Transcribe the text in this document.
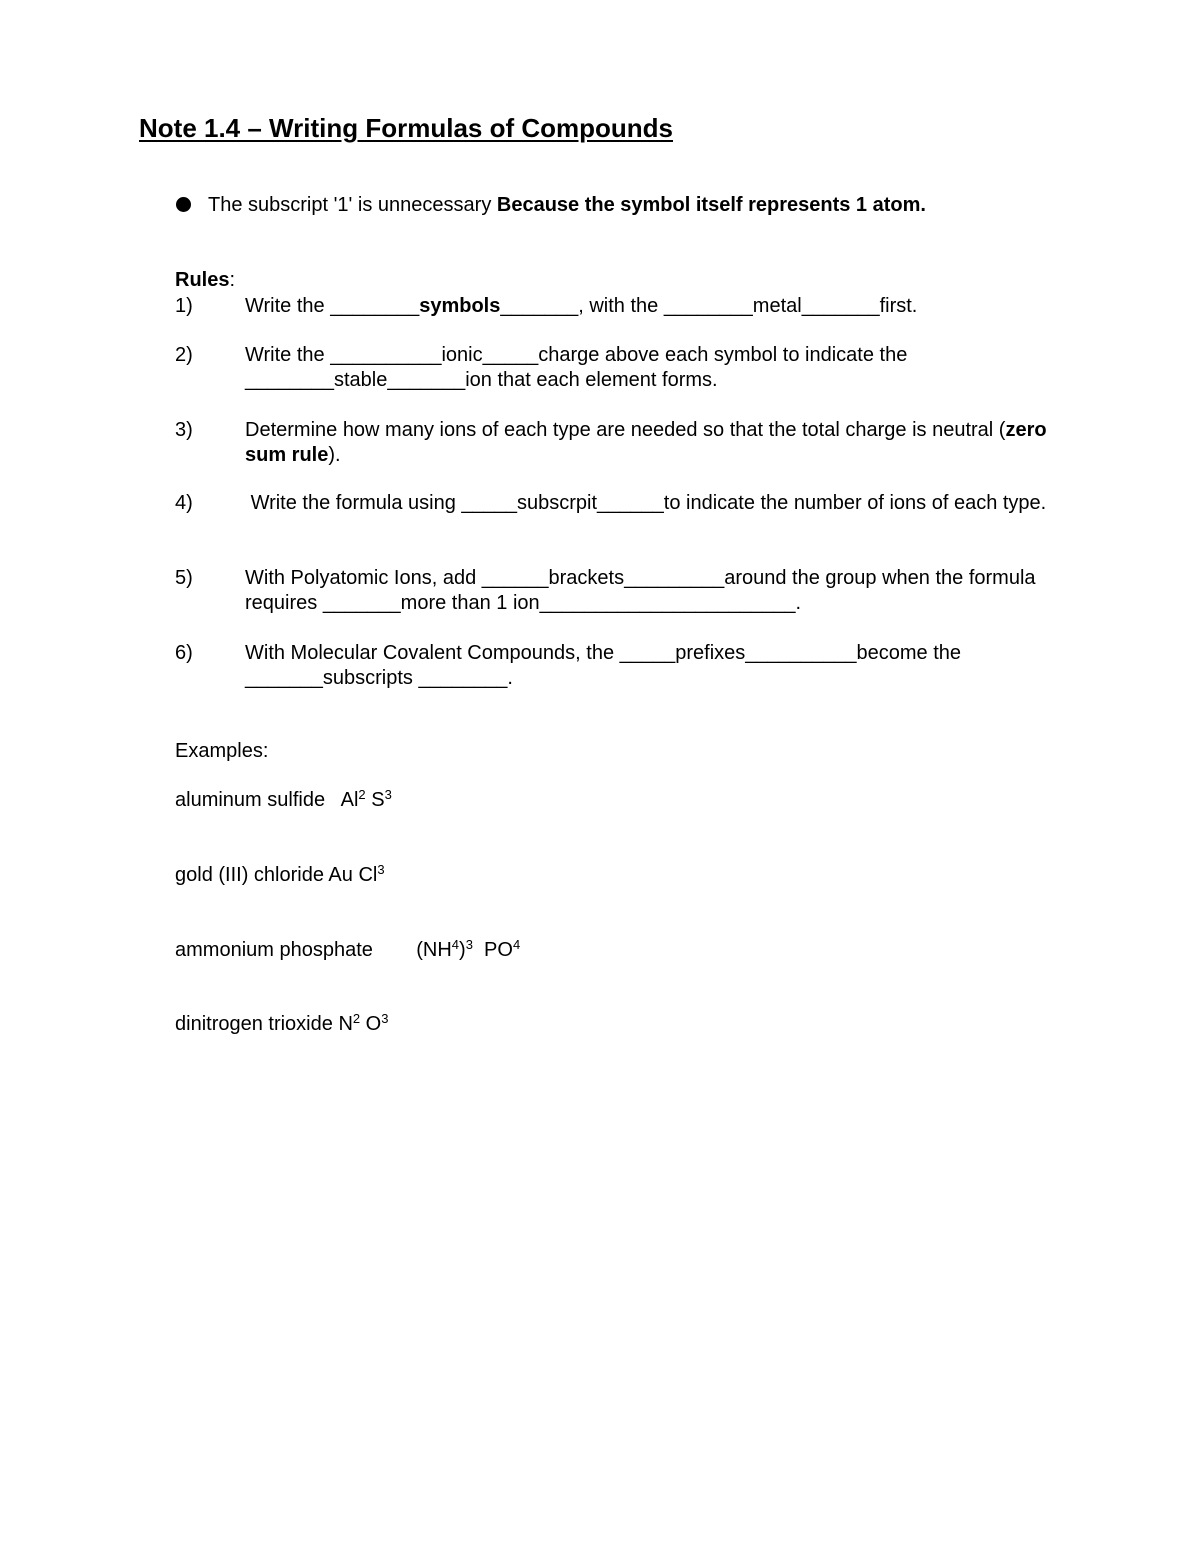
Note 1.4 – Writing Formulas of Compounds
The subscript '1' is unnecessary Because the symbol itself represents 1 atom.
Rules:
1)	Write the ________symbols_______, with the ________metal_______first.
2)	Write the __________ionic_____charge above each symbol to indicate the ________stable_______ion that each element forms.
3)	Determine how many ions of each type are needed so that the total charge is neutral (zero sum rule).
4)	Write the formula using _____subscrpit______to indicate the number of ions of each type.
5)	With Polyatomic Ions, add ______brackets_________around the group when the formula requires _______more than 1 ion_______________________.
6)	With Molecular Covalent Compounds, the _____prefixes__________become the _______subscripts ________.
Examples:
aluminum sulfide Al$^2$ $S^3$
gold (III) chloride Au Cl$^3$
ammonium phosphate      $(NH^4)^3$  $PO^4$
dinitrogen trioxide $N^2$ $O^3$
